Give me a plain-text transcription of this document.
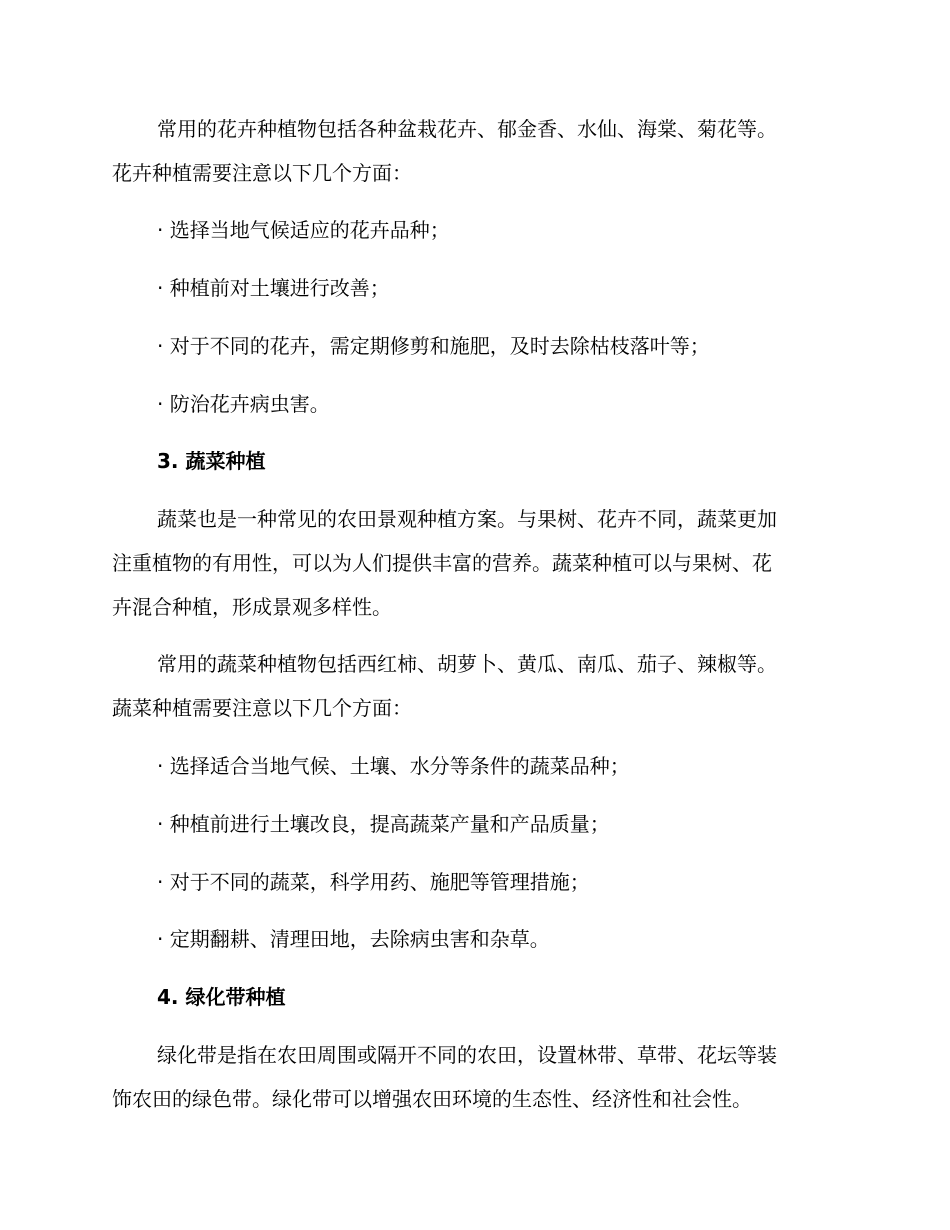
常用的花卉种植物包括各种盆栽花卉、郁金香、水仙、海棠、菊花等。
花卉种植需要注意以下几个方面：
· 选择当地气候适应的花卉品种；
· 种植前对土壤进行改善；
· 对于不同的花卉，需定期修剪和施肥，及时去除枯枝落叶等；
· 防治花卉病虫害。
3. 蔬菜种植
蔬菜也是一种常见的农田景观种植方案。与果树、花卉不同，蔬菜更加
注重植物的有用性，可以为人们提供丰富的营养。蔬菜种植可以与果树、花
卉混合种植，形成景观多样性。
常用的蔬菜种植物包括西红柿、胡萝卜、黄瓜、南瓜、茄子、辣椒等。
蔬菜种植需要注意以下几个方面：
· 选择适合当地气候、土壤、水分等条件的蔬菜品种；
· 种植前进行土壤改良，提高蔬菜产量和产品质量；
· 对于不同的蔬菜，科学用药、施肥等管理措施；
· 定期翻耕、清理田地，去除病虫害和杂草。
4. 绿化带种植
绿化带是指在农田周围或隔开不同的农田，设置林带、草带、花坛等装
饰农田的绿色带。绿化带可以增强农田环境的生态性、经济性和社会性。
